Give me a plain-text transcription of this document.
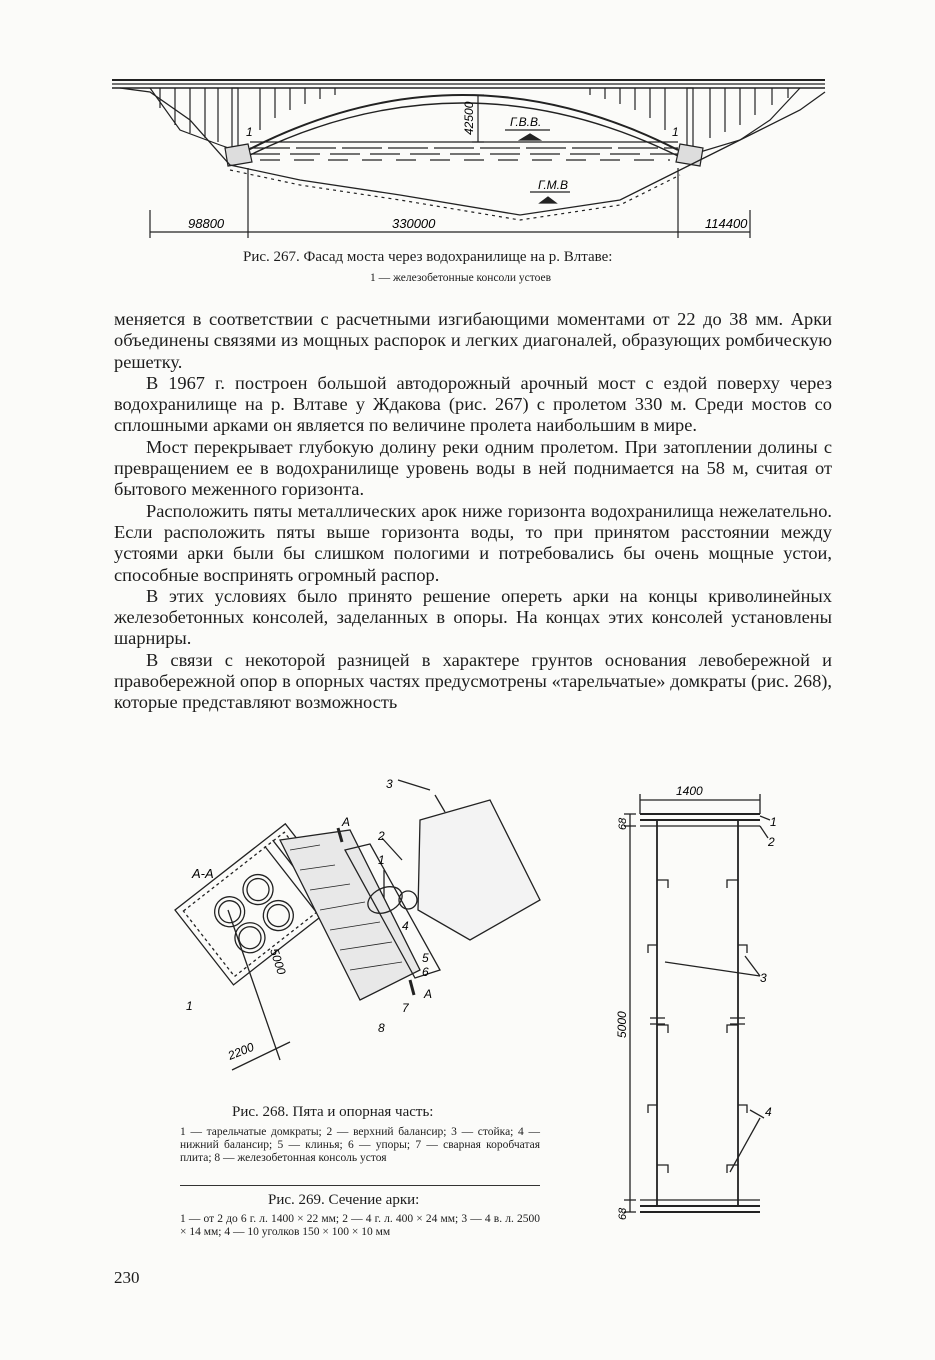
98800	330000	114400
42500	Г.В.В.
Г.М.В
1	1
Рис. 267. Фасад моста через водохранилище на р. Влтаве:
1 — железобетонные консоли устоев

меняется в соответствии с расчетными изгибающими моментами от 22 до 38 мм. Арки объединены связями из мощных распорок и легких диагоналей, образующих ромбическую решетку.

В 1967 г. построен большой автодорожный арочный мост с ездой поверху через водохранилище на р. Влтаве у Ждакова (рис. 267) с пролетом 330 м. Среди мостов со сплошными арками он является по величине пролета наибольшим в мире.

Мост перекрывает глубокую долину реки одним пролетом. При затоплении долины с превращением ее в водохранилище уровень воды в ней поднимается на 58 м, считая от бытового меженного горизонта.

Расположить пяты металлических арок ниже горизонта водохранилища нежелательно. Если расположить пяты выше горизонта воды, то при принятом расстоянии между устоями арки были бы слишком пологими и потребовались бы очень мощные устои, способные воспринять огромный распор.

В этих условиях было принято решение опереть арки на концы криволинейных железобетонных консолей, заделанных в опоры. На концах этих консолей установлены шарниры.

В связи с некоторой разницей в характере грунтов основания левобережной и правобережной опор в опорных частях предусмотрены «тарельчатые» домкраты (рис. 268), которые представляют возможность

А-А
А
А
5000
2200
1
1
2
3
4
5
6
7
8
Рис. 268. Пята и опорная часть:
1 — тарельчатые домкраты; 2 — верхний балансир; 3 — стойка; 4 — нижний балансир; 5 — клинья; 6 — упоры; 7 — сварная коробчатая плита; 8 — железобетонная консоль устоя
Рис. 269. Сечение арки:
1 — от 2 до 6 г. л. 1400 × 22 мм; 2 — 4 г. л. 400 × 24 мм; 3 — 4 в. л. 2500 × 14 мм; 4 — 10 уголков 150 × 100 × 10 мм
1400
68
5000
68
1
2
3
4
230
